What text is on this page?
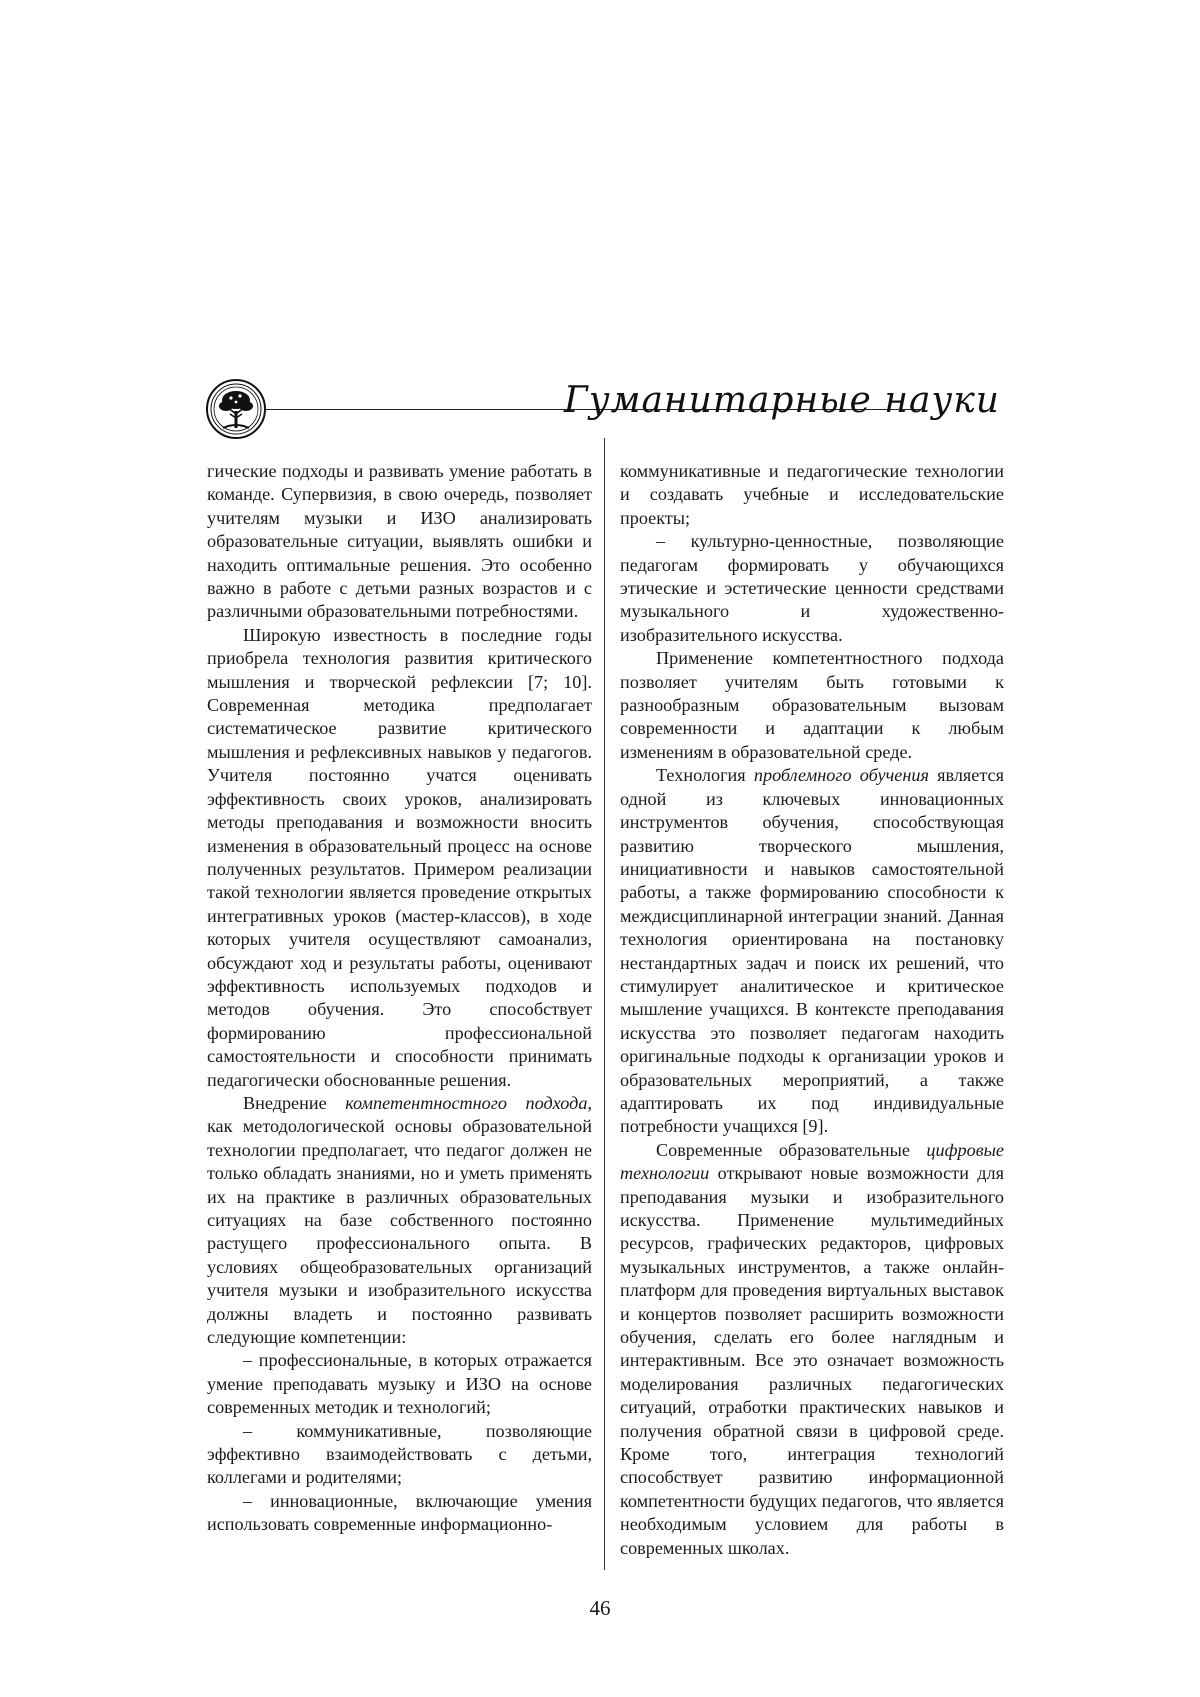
Гуманитарные науки

гические подходы и развивать умение работать в команде. Супервизия, в свою очередь, позволяет учителям музыки и ИЗО анализировать образовательные ситуации, выявлять ошибки и находить оптимальные решения. Это особенно важно в работе с детьми разных возрастов и с различными образовательными потребностями.

Широкую известность в последние годы приобрела технология развития критического мышления и творческой рефлексии [7; 10]. Современная методика предполагает систематическое развитие критического мышления и рефлексивных навыков у педагогов. Учителя постоянно учатся оценивать эффективность своих уроков, анализировать методы преподавания и возможности вносить изменения в образовательный процесс на основе полученных результатов. Примером реализации такой технологии является проведение открытых интегративных уроков (мастер-классов), в ходе которых учителя осуществляют самоанализ, обсуждают ход и результаты работы, оценивают эффективность используемых подходов и методов обучения. Это способствует формированию профессиональной самостоятельности и способности принимать педагогически обоснованные решения.

Внедрение компетентностного подхода, как методологической основы образовательной технологии предполагает, что педагог должен не только обладать знаниями, но и уметь применять их на практике в различных образовательных ситуациях на базе собственного постоянно растущего профессионального опыта. В условиях общеобразовательных организаций учителя музыки и изобразительного искусства должны владеть и постоянно развивать следующие компетенции:

– профессиональные, в которых отражается умение преподавать музыку и ИЗО на основе современных методик и технологий;

– коммуникативные, позволяющие эффективно взаимодействовать с детьми, коллегами и родителями;

– инновационные, включающие умения использовать современные информационно-

коммуникативные и педагогические технологии и создавать учебные и исследовательские проекты;

– культурно-ценностные, позволяющие педагогам формировать у обучающихся этические и эстетические ценности средствами музыкального и художественно-изобразительного искусства.

Применение компетентностного подхода позволяет учителям быть готовыми к разнообразным образовательным вызовам современности и адаптации к любым изменениям в образовательной среде.

Технология проблемного обучения является одной из ключевых инновационных инструментов обучения, способствующая развитию творческого мышления, инициативности и навыков самостоятельной работы, а также формированию способности к междисциплинарной интеграции знаний. Данная технология ориентирована на постановку нестандартных задач и поиск их решений, что стимулирует аналитическое и критическое мышление учащихся. В контексте преподавания искусства это позволяет педагогам находить оригинальные подходы к организации уроков и образовательных мероприятий, а также адаптировать их под индивидуальные потребности учащихся [9].

Современные образовательные цифровые технологии открывают новые возможности для преподавания музыки и изобразительного искусства. Применение мультимедийных ресурсов, графических редакторов, цифровых музыкальных инструментов, а также онлайн-платформ для проведения виртуальных выставок и концертов позволяет расширить возможности обучения, сделать его более наглядным и интерактивным. Все это означает возможность моделирования различных педагогических ситуаций, отработки практических навыков и получения обратной связи в цифровой среде. Кроме того, интеграция технологий способствует развитию информационной компетентности будущих педагогов, что является необходимым условием для работы в современных школах.

46
